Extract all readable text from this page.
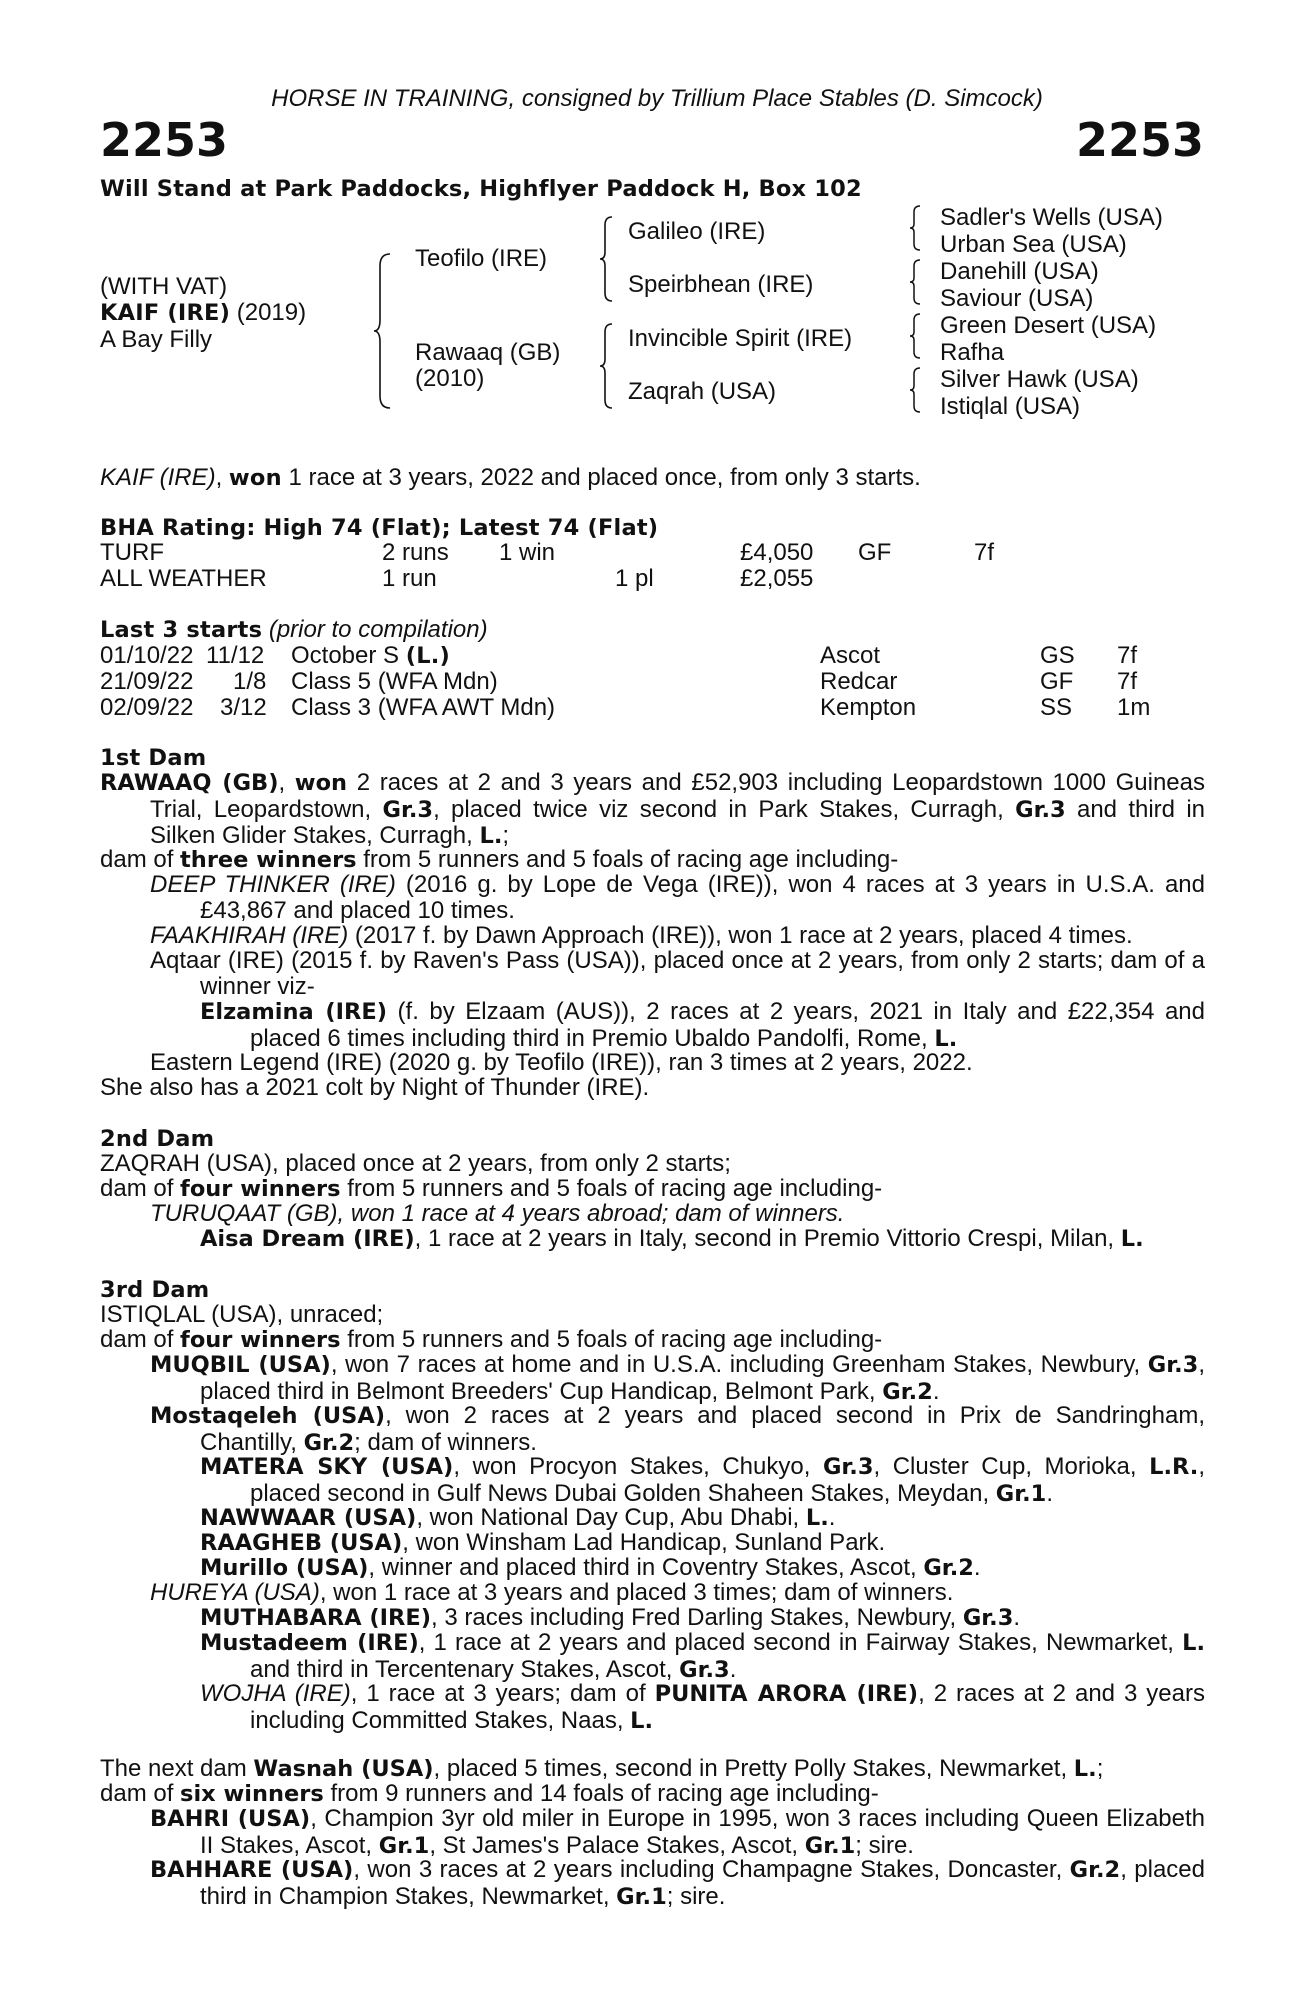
HORSE IN TRAINING, consigned by Trillium Place Stables (D. Simcock)
2253	2253
Will Stand at Park Paddocks, Highflyer Paddock H, Box 102
(WITH VAT)
KAIF (IRE) (2019)
A Bay Filly
Teofilo (IRE)
Rawaaq (GB)
(2010)
Galileo (IRE)
Speirbhean (IRE)
Invincible Spirit (IRE)
Zaqrah (USA)
Sadler's Wells (USA)
Urban Sea (USA)
Danehill (USA)
Saviour (USA)
Green Desert (USA)
Rafha
Silver Hawk (USA)
Istiqlal (USA)
KAIF (IRE), won 1 race at 3 years, 2022 and placed once, from only 3 starts.
BHA Rating: High 74 (Flat); Latest 74 (Flat)
TURF	2 runs 1 win	£4,050 GF	7f
ALL WEATHER	1 run	1 pl	£2,055
Last 3 starts (prior to compilation)
01/10/22 11/12 October S (L.)	Ascot	GS 7f
21/09/22 1/8 Class 5 (WFA Mdn)	Redcar	GF 7f
02/09/22 3/12 Class 3 (WFA AWT Mdn)	Kempton	SS 1m
1st Dam
RAWAAQ (GB), won 2 races at 2 and 3 years and £52,903 including Leopardstown 1000 Guineas Trial, Leopardstown, Gr.3, placed twice viz second in Park Stakes, Curragh, Gr.3 and third in Silken Glider Stakes, Curragh, L.;
dam of three winners from 5 runners and 5 foals of racing age including-
DEEP THINKER (IRE) (2016 g. by Lope de Vega (IRE)), won 4 races at 3 years in U.S.A. and £43,867 and placed 10 times.
FAAKHIRAH (IRE) (2017 f. by Dawn Approach (IRE)), won 1 race at 2 years, placed 4 times.
Aqtaar (IRE) (2015 f. by Raven's Pass (USA)), placed once at 2 years, from only 2 starts; dam of a winner viz-
Elzamina (IRE) (f. by Elzaam (AUS)), 2 races at 2 years, 2021 in Italy and £22,354 and placed 6 times including third in Premio Ubaldo Pandolfi, Rome, L.
Eastern Legend (IRE) (2020 g. by Teofilo (IRE)), ran 3 times at 2 years, 2022.
She also has a 2021 colt by Night of Thunder (IRE).
2nd Dam
ZAQRAH (USA), placed once at 2 years, from only 2 starts;
dam of four winners from 5 runners and 5 foals of racing age including-
TURUQAAT (GB), won 1 race at 4 years abroad; dam of winners.
Aisa Dream (IRE), 1 race at 2 years in Italy, second in Premio Vittorio Crespi, Milan, L.
3rd Dam
ISTIQLAL (USA), unraced;
dam of four winners from 5 runners and 5 foals of racing age including-
MUQBIL (USA), won 7 races at home and in U.S.A. including Greenham Stakes, Newbury, Gr.3, placed third in Belmont Breeders' Cup Handicap, Belmont Park, Gr.2.
Mostaqeleh (USA), won 2 races at 2 years and placed second in Prix de Sandringham, Chantilly, Gr.2; dam of winners.
MATERA SKY (USA), won Procyon Stakes, Chukyo, Gr.3, Cluster Cup, Morioka, L.R., placed second in Gulf News Dubai Golden Shaheen Stakes, Meydan, Gr.1.
NAWWAAR (USA), won National Day Cup, Abu Dhabi, L..
RAAGHEB (USA), won Winsham Lad Handicap, Sunland Park.
Murillo (USA), winner and placed third in Coventry Stakes, Ascot, Gr.2.
HUREYA (USA), won 1 race at 3 years and placed 3 times; dam of winners.
MUTHABARA (IRE), 3 races including Fred Darling Stakes, Newbury, Gr.3.
Mustadeem (IRE), 1 race at 2 years and placed second in Fairway Stakes, Newmarket, L. and third in Tercentenary Stakes, Ascot, Gr.3.
WOJHA (IRE), 1 race at 3 years; dam of PUNITA ARORA (IRE), 2 races at 2 and 3 years including Committed Stakes, Naas, L.
The next dam Wasnah (USA), placed 5 times, second in Pretty Polly Stakes, Newmarket, L.;
dam of six winners from 9 runners and 14 foals of racing age including-
BAHRI (USA), Champion 3yr old miler in Europe in 1995, won 3 races including Queen Elizabeth II Stakes, Ascot, Gr.1, St James's Palace Stakes, Ascot, Gr.1; sire.
BAHHARE (USA), won 3 races at 2 years including Champagne Stakes, Doncaster, Gr.2, placed third in Champion Stakes, Newmarket, Gr.1; sire.
